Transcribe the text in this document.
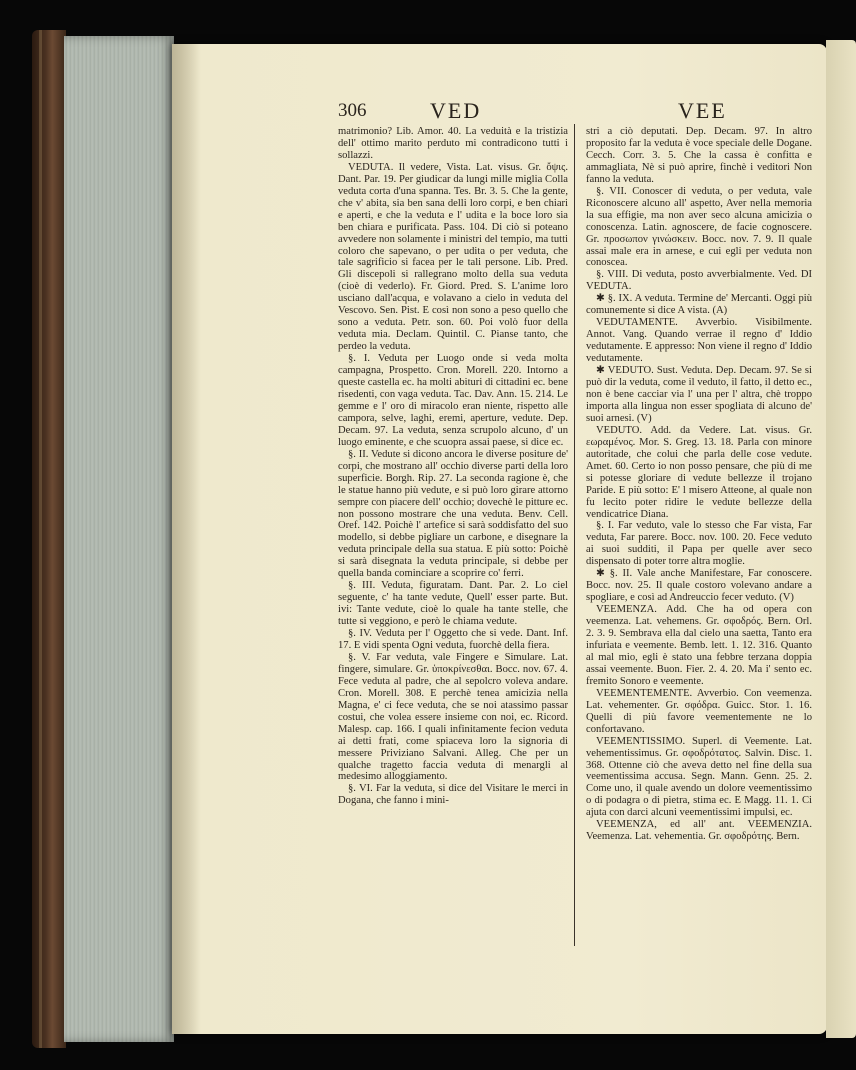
306	VED	VEE

matrimonio? Lib. Amor. 40. La veduità e la tristizia dell' ottimo marito perduto mi contradicono tutti i sollazzi.

VEDUTA. Il vedere, Vista. Lat. visus. Gr. ὄψις. Dant. Par. 19. Per giudicar da lungi mille miglia Colla veduta corta d'una spanna. Tes. Br. 3. 5. Che la gente, che v' abita, sia ben sana delli loro corpi, e ben chiari e aperti, e che la veduta e l' udita e la boce loro sia ben chiara e purificata. Pass. 104. Di ciò si poteano avvedere non solamente i ministri del tempio, ma tutti coloro che sapevano, o per udita o per veduta, che tale sagrificio si facea per le tali persone. Lib. Pred. Gli discepoli si rallegrano molto della sua veduta (cioè di vederlo). Fr. Giord. Pred. S. L'anime loro usciano dall'acqua, e volavano a cielo in veduta del Vescovo. Sen. Pist. E così non sono a peso quello che sono a veduta. Petr. son. 60. Poi volò fuor della veduta mia. Declam. Quintil. C. Pianse tanto, che perdeo la veduta.

§. I. Veduta per Luogo onde si veda molta campagna, Prospetto. Cron. Morell. 220. Intorno a queste castella ec. ha molti abituri di cittadini ec. bene risedenti, con vaga veduta. Tac. Dav. Ann. 15. 214. Le gemme e l' oro di miracolo eran niente, rispetto alle campora, selve, laghi, eremi, aperture, vedute. Dep. Decam. 97. La veduta, senza scrupolo alcuno, d' un luogo eminente, e che scuopra assai paese, si dice ec.

§. II. Vedute si dicono ancora le diverse positure de' corpi, che mostrano all' occhio diverse parti della loro superficie. Borgh. Rip. 27. La seconda ragione è, che le statue hanno più vedute, e si può loro girare attorno sempre con piacere dell' occhio; dovechè le pitture ec. non possono mostrare che una veduta. Benv. Cell. Oref. 142. Poichè l' artefice si sarà soddisfatto del suo modello, si debbe pigliare un carbone, e disegnare la veduta principale della sua statua. E più sotto: Poichè si sarà disegnata la veduta principale, si debbe per quella banda cominciare a scoprire co' ferri.

§. III. Veduta, figuratam. Dant. Par. 2. Lo ciel seguente, c' ha tante vedute, Quell' esser parte. But. ivi: Tante vedute, cioè lo quale ha tante stelle, che tutte si veggiono, e però le chiama vedute.

§. IV. Veduta per l' Oggetto che si vede. Dant. Inf. 17. E vidi spenta Ogni veduta, fuorchè della fiera.

§. V. Far veduta, vale Fingere e Simulare. Lat. fingere, simulare. Gr. ὑποκρίνεσθαι. Bocc. nov. 67. 4. Fece veduta al padre, che al sepolcro voleva andare. Cron. Morell. 308. E perchè tenea amicizia nella Magna, e' ci fece veduta, che se noi atassimo passar costui, che volea essere insieme con noi, ec. Ricord. Malesp. cap. 166. I quali infinitamente fecion veduta ai detti frati, come spiaceva loro la signoria di messere Priviziano Salvani. Alleg. Che per un qualche tragetto faccia veduta di menargli al medesimo alloggiamento.

§. VI. Far la veduta, si dice del Visitare le merci in Dogana, che fanno i mini-

stri a ciò deputati. Dep. Decam. 97. In altro proposito far la veduta è voce speciale delle Dogane. Cecch. Corr. 3. 5. Che la cassa è confitta e ammagliata, Nè si può aprire, finchè i veditori Non fanno la veduta.

§. VII. Conoscer di veduta, o per veduta, vale Riconoscere alcuno all' aspetto, Aver nella memoria la sua effigie, ma non aver seco alcuna amicizia o conoscenza. Latin. agnoscere, de facie cognoscere. Gr. προσωπον γινώσκειν. Bocc. nov. 7. 9. Il quale assai male era in arnese, e cui egli per veduta non conoscea.

§. VIII. Di veduta, posto avverbialmente. Ved. DI VEDUTA.

✱ §. IX. A veduta. Termine de' Mercanti. Oggi più comunemente si dice A vista. (A)

VEDUTAMENTE. Avverbio. Visibilmente. Annot. Vang. Quando verrae il regno d' Iddio vedutamente. E appresso: Non viene il regno d' Iddio vedutamente.

✱ VEDUTO. Sust. Veduta. Dep. Decam. 97. Se si può dir la veduta, come il veduto, il fatto, il detto ec., non è bene cacciar via l' una per l' altra, chè troppo importa alla lingua non esser spogliata di alcuno de' suoi arnesi. (V)

VEDUTO. Add. da Vedere. Lat. visus. Gr. εωραμένος. Mor. S. Greg. 13. 18. Parla con minore autoritade, che colui che parla delle cose vedute. Amet. 60. Certo io non posso pensare, che più di me si potesse gloriare di vedute bellezze il trojano Paride. E più sotto: E' l misero Atteone, al quale non fu lecito poter ridire le vedute bellezze della vendicatrice Diana.

§. I. Far veduto, vale lo stesso che Far vista, Far veduta, Far parere. Bocc. nov. 100. 20. Fece veduto ai suoi sudditi, il Papa per quelle aver seco dispensato di poter torre altra moglie.

✱ §. II. Vale anche Manifestare, Far conoscere. Bocc. nov. 25. Il quale costoro volevano andare a spogliare, e così ad Andreuccio fecer veduto. (V)

VEEMENZA. Add. Che ha od opera con veemenza. Lat. vehemens. Gr. σφοδρός. Bern. Orl. 2. 3. 9. Sembrava ella dal cielo una saetta, Tanto era infuriata e veemente. Bemb. lett. 1. 12. 316. Quanto al mal mio, egli è stato una febbre terzana doppia assai veemente. Buon. Fier. 2. 4. 20. Ma i' sento ec. fremito Sonoro e veemente.

VEEMENTEMENTE. Avverbio. Con veemenza. Lat. vehementer. Gr. σφόδρα. Guicc. Stor. 1. 16. Quelli di più favore veementemente ne lo confortavano.

VEEMENTISSIMO. Superl. di Veemente. Lat. vehementissimus. Gr. σφοδρότατος. Salvin. Disc. 1. 368. Ottenne ciò che aveva detto nel fine della sua veementissima accusa. Segn. Mann. Genn. 25. 2. Come uno, il quale avendo un dolore veementissimo o di podagra o di pietra, stima ec. E Magg. 11. 1. Ci ajuta con darci alcuni veementissimi impulsi, ec.

VEEMENZA, ed all' ant. VEEMENZIA. Veemenza. Lat. vehementia. Gr. σφοδρότης. Bern.
